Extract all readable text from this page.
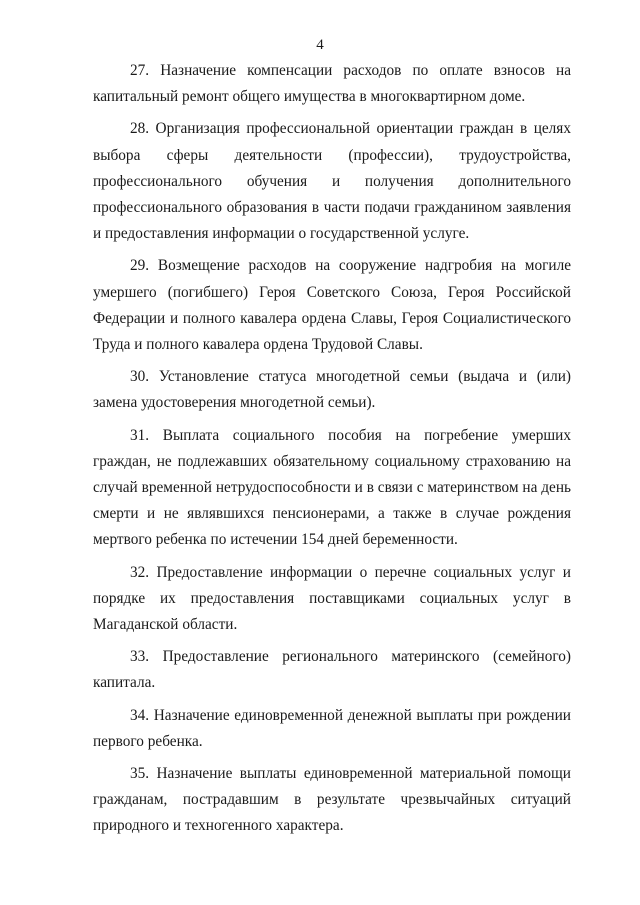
4

27. Назначение компенсации расходов по оплате взносов на капитальный ремонт общего имущества в многоквартирном доме.

28. Организация профессиональной ориентации граждан в целях выбора сферы деятельности (профессии), трудоустройства, профессионального обучения и получения дополнительного профессионального образования в части подачи гражданином заявления и предоставления информации о государственной услуге.

29. Возмещение расходов на сооружение надгробия на могиле умершего (погибшего) Героя Советского Союза, Героя Российской Федерации и полного кавалера ордена Славы, Героя Социалистического Труда и полного кавалера ордена Трудовой Славы.

30. Установление статуса многодетной семьи (выдача и (или) замена удостоверения многодетной семьи).

31. Выплата социального пособия на погребение умерших граждан, не подлежавших обязательному социальному страхованию на случай временной нетрудоспособности и в связи с материнством на день смерти и не являвшихся пенсионерами, а также в случае рождения мертвого ребенка по истечении 154 дней беременности.

32. Предоставление информации о перечне социальных услуг и порядке их предоставления поставщиками социальных услуг в Магаданской области.

33. Предоставление регионального материнского (семейного) капитала.

34. Назначение единовременной денежной выплаты при рождении первого ребенка.

35. Назначение выплаты единовременной материальной помощи гражданам, пострадавшим в результате чрезвычайных ситуаций природного и техногенного характера.
